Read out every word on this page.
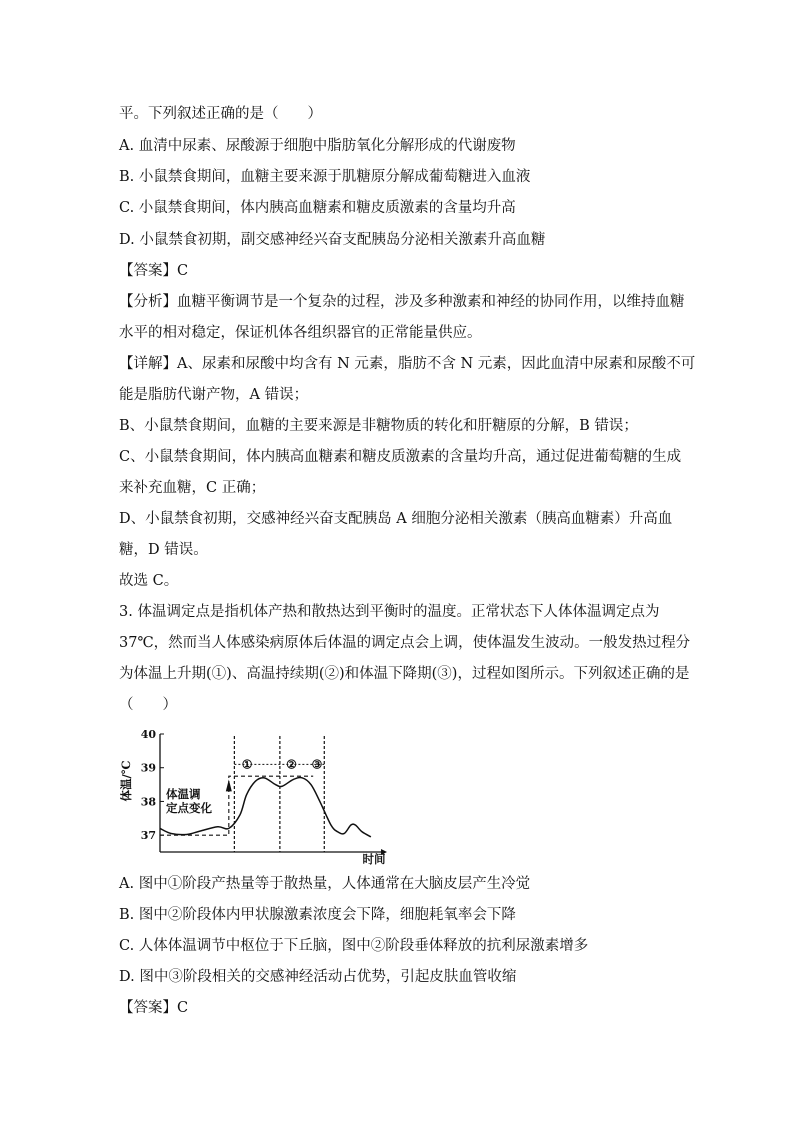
平。下列叙述正确的是（　　）
A. 血清中尿素、尿酸源于细胞中脂肪氧化分解形成的代谢废物
B. 小鼠禁食期间，血糖主要来源于肌糖原分解成葡萄糖进入血液
C. 小鼠禁食期间，体内胰高血糖素和糖皮质激素的含量均升高
D. 小鼠禁食初期，副交感神经兴奋支配胰岛分泌相关激素升高血糖
【答案】C
【分析】血糖平衡调节是一个复杂的过程，涉及多种激素和神经的协同作用，以维持血糖
水平的相对稳定，保证机体各组织器官的正常能量供应。
【详解】A、尿素和尿酸中均含有 N 元素，脂肪不含 N 元素，因此血清中尿素和尿酸不可
能是脂肪代谢产物，A 错误；
B、小鼠禁食期间，血糖的主要来源是非糖物质的转化和肝糖原的分解，B 错误；
C、小鼠禁食期间，体内胰高血糖素和糖皮质激素的含量均升高，通过促进葡萄糖的生成
来补充血糖，C 正确；
D、小鼠禁食初期，交感神经兴奋支配胰岛 A 细胞分泌相关激素（胰高血糖素）升高血
糖，D 错误。
故选 C。
3. 体温调定点是指机体产热和散热达到平衡时的温度。正常状态下人体体温调定点为
37℃，然而当人体感染病原体后体温的调定点会上调，使体温发生波动。一般发热过程分
为体温上升期(①)、高温持续期(②)和体温下降期(③)，过程如图所示。下列叙述正确的是
（　　）
37
38
39
40
体温/℃
时间
①	② ③
体温调
定点变化
A. 图中①阶段产热量等于散热量，人体通常在大脑皮层产生冷觉
B. 图中②阶段体内甲状腺激素浓度会下降，细胞耗氧率会下降
C. 人体体温调节中枢位于下丘脑，图中②阶段垂体释放的抗利尿激素增多
D. 图中③阶段相关的交感神经活动占优势，引起皮肤血管收缩
【答案】C
